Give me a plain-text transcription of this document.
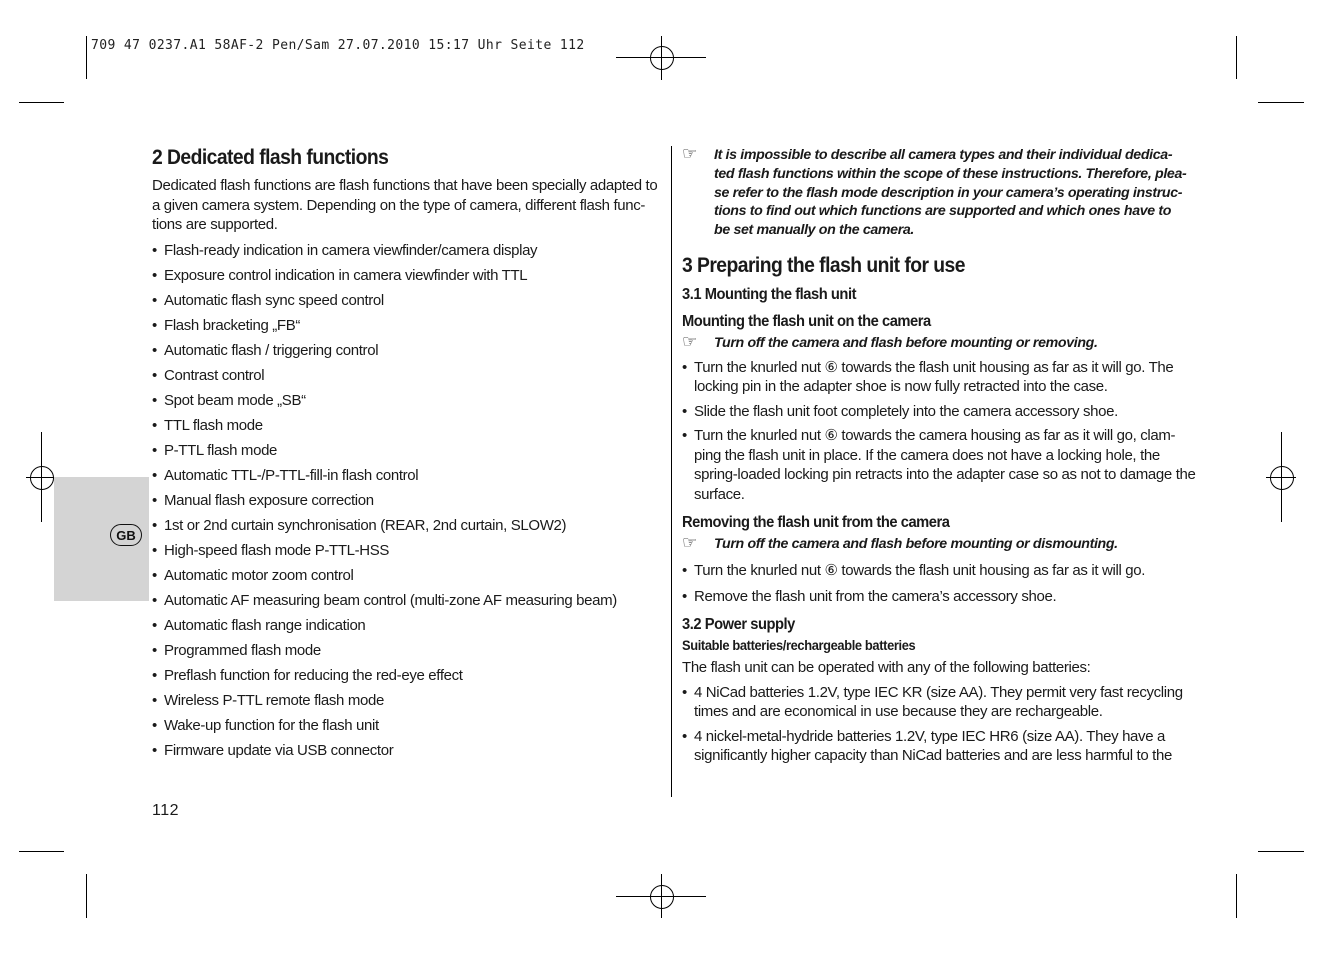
709 47 0237.A1 58AF-2 Pen/Sam 27.07.2010 15:17 Uhr Seite 112
GB
2 Dedicated flash functions
Dedicated flash functions are flash functions that have been specially adapted to
a given camera system. Depending on the type of camera, different flash func-
tions are supported.
• Flash-ready indication in camera viewfinder/camera display
• Exposure control indication in camera viewfinder with TTL
• Automatic flash sync speed control
• Flash bracketing „FB“
• Automatic flash / triggering control
• Contrast control
• Spot beam mode „SB“
• TTL flash mode
• P-TTL flash mode
• Automatic TTL-/P-TTL-fill-in flash control
• Manual flash exposure correction
• 1st or 2nd curtain synchronisation (REAR, 2nd curtain, SLOW2)
• High-speed flash mode P-TTL-HSS
• Automatic motor zoom control
• Automatic AF measuring beam control (multi-zone AF measuring beam)
• Automatic flash range indication
• Programmed flash mode
• Preflash function for reducing the red-eye effect
• Wireless P-TTL remote flash mode
• Wake-up function for the flash unit
• Firmware update via USB connector
112
☞ It is impossible to describe all camera types and their individual dedica-
ted flash functions within the scope of these instructions. Therefore, plea-
se refer to the flash mode description in your camera’s operating instruc-
tions to find out which functions are supported and which ones have to
be set manually on the camera.
3 Preparing the flash unit for use
3.1 Mounting the flash unit
Mounting the flash unit on the camera
☞ Turn off the camera and flash before mounting or removing.
• Turn the knurled nut ⑥ towards the flash unit housing as far as it will go. The locking pin in the adapter shoe is now fully retracted into the case.
• Slide the flash unit foot completely into the camera accessory shoe.
• Turn the knurled nut ⑥ towards the camera housing as far as it will go, clam-ping the flash unit in place. If the camera does not have a locking hole, the spring-loaded locking pin retracts into the adapter case so as not to damage the surface.
Removing the flash unit from the camera
☞ Turn off the camera and flash before mounting or dismounting.
• Turn the knurled nut ⑥ towards the flash unit housing as far as it will go.
• Remove the flash unit from the camera’s accessory shoe.
3.2 Power supply
Suitable batteries/rechargeable batteries
The flash unit can be operated with any of the following batteries:
• 4 NiCad batteries 1.2V, type IEC KR (size AA). They permit very fast recycling times and are economical in use because they are rechargeable.
• 4 nickel-metal-hydride batteries 1.2V, type IEC HR6 (size AA). They have a significantly higher capacity than NiCad batteries and are less harmful to the
